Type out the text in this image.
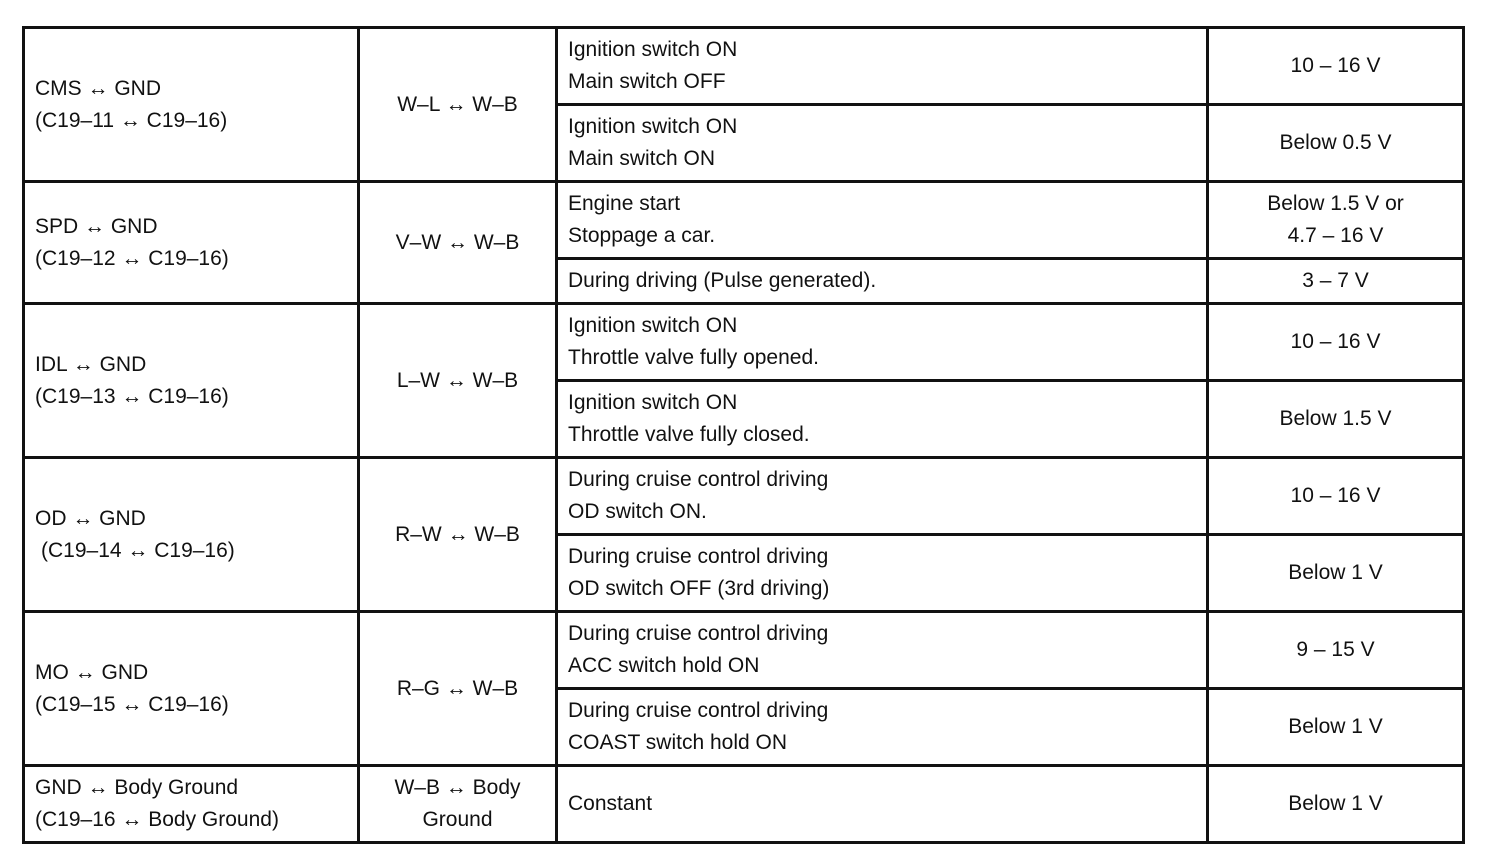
CMS ↔ GND
(C19–11 ↔ C19–16)	W–L ↔ W–B	Ignition switch ON
Main switch OFF	10 – 16 V

		Ignition switch ON
Main switch ON	Below 0.5 V

SPD ↔ GND
(C19–12 ↔ C19–16)	V–W ↔ W–B	Engine start
Stoppage a car.	Below 1.5 V or
4.7 – 16 V

		During driving (Pulse generated).	3 – 7 V

IDL ↔ GND
(C19–13 ↔ C19–16)	L–W ↔ W–B	Ignition switch ON
Throttle valve fully opened.	10 – 16 V

		Ignition switch ON
Throttle valve fully closed.	Below 1.5 V

OD ↔ GND
(C19–14 ↔ C19–16)	R–W ↔ W–B	During cruise control driving
OD switch ON.	10 – 16 V

		During cruise control driving
OD switch OFF (3rd driving)	Below 1 V

MO ↔ GND
(C19–15 ↔ C19–16)	R–G ↔ W–B	During cruise control driving
ACC switch hold ON	9 – 15 V

		During cruise control driving
COAST switch hold ON	Below 1 V

GND ↔ Body Ground
(C19–16 ↔ Body Ground)	W–B ↔ Body
Ground	Constant	Below 1 V
